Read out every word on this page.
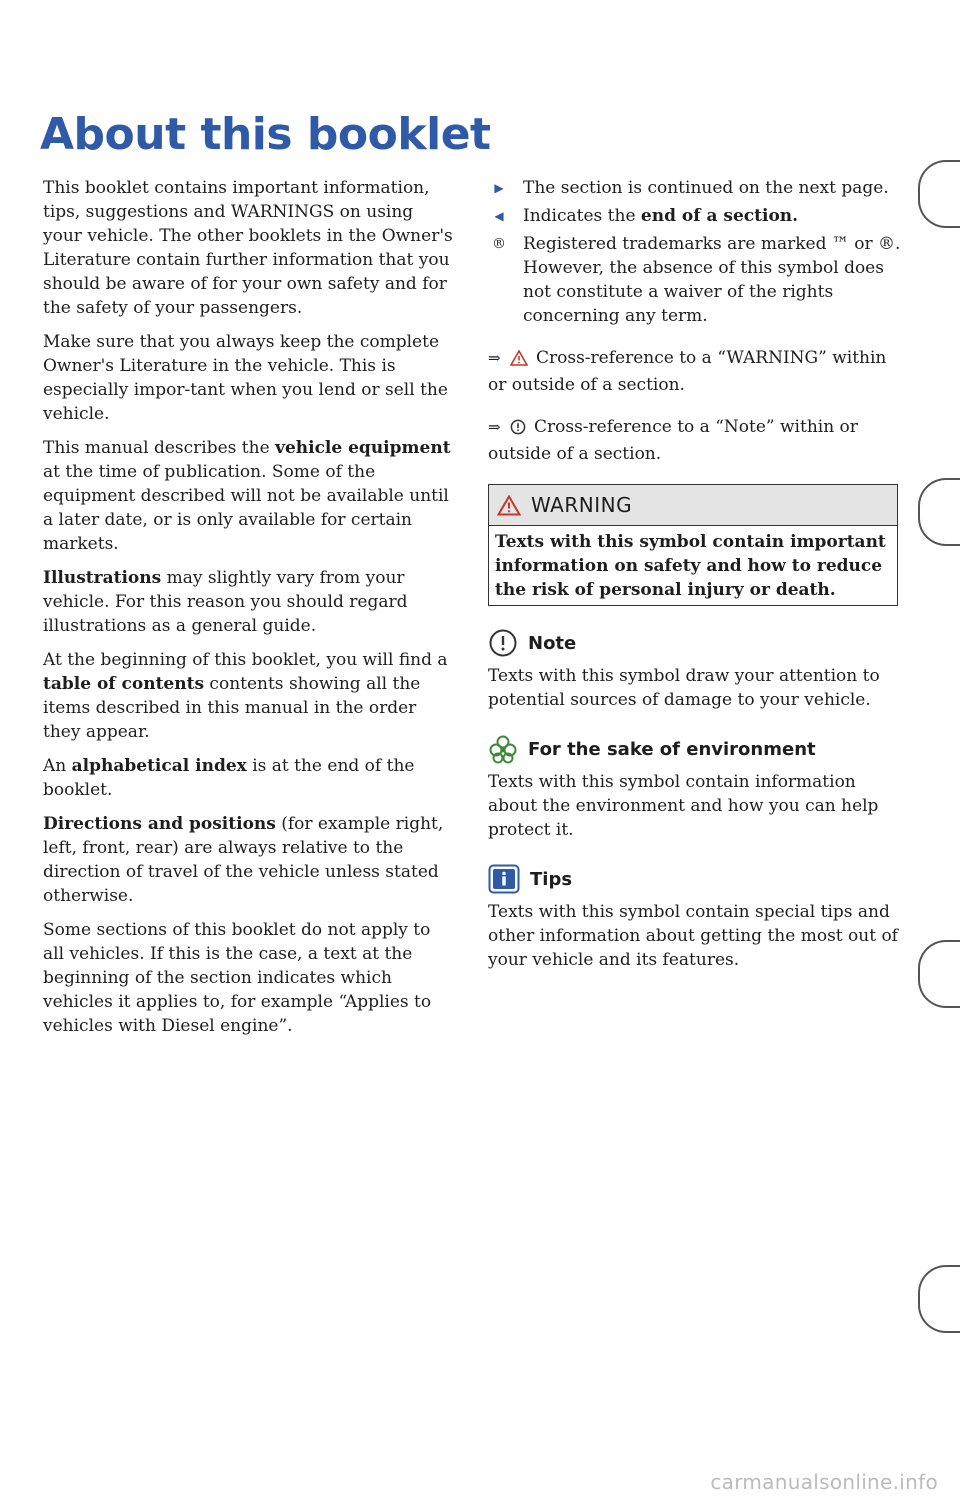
About this booklet

This booklet contains important information, tips, suggestions and WARNINGS on using your vehicle. The other booklets in the Owner's Literature contain further information that you should be aware of for your own safety and for the safety of your passengers.

Make sure that you always keep the complete Owner's Literature in the vehicle. This is especially impor-tant when you lend or sell the vehicle.

This manual describes the vehicle equipment at the time of publication. Some of the equipment described will not be available until a later date, or is only available for certain markets.

Illustrations may slightly vary from your vehicle. For this reason you should regard illustrations as a general guide.

At the beginning of this booklet, you will find a table of contents contents showing all the items described in this manual in the order they appear.

An alphabetical index is at the end of the booklet.

Directions and positions (for example right, left, front, rear) are always relative to the direction of travel of the vehicle unless stated otherwise.

Some sections of this booklet do not apply to all vehicles. If this is the case, a text at the beginning of the section indicates which vehicles it applies to, for example “Applies to vehicles with Diesel engine”.

▶	The section is continued on the next page.
◀	Indicates the end of a section.
® Registered trademarks are marked ™ or ®. However, the absence of this symbol does not constitute a waiver of the rights concerning any term.
⇒ Cross-reference to a “WARNING” within or outside of a section.
⇒ Cross-reference to a “Note” within or outside of a section.
WARNING
Texts with this symbol contain important information on safety and how to reduce the risk of personal injury or death.
Note

Texts with this symbol draw your attention to potential sources of damage to your vehicle.

For the sake of environment

Texts with this symbol contain information about the environment and how you can help protect it.

Tips

Texts with this symbol contain special tips and other information about getting the most out of your vehicle and its features.

carmanualsonline.info
